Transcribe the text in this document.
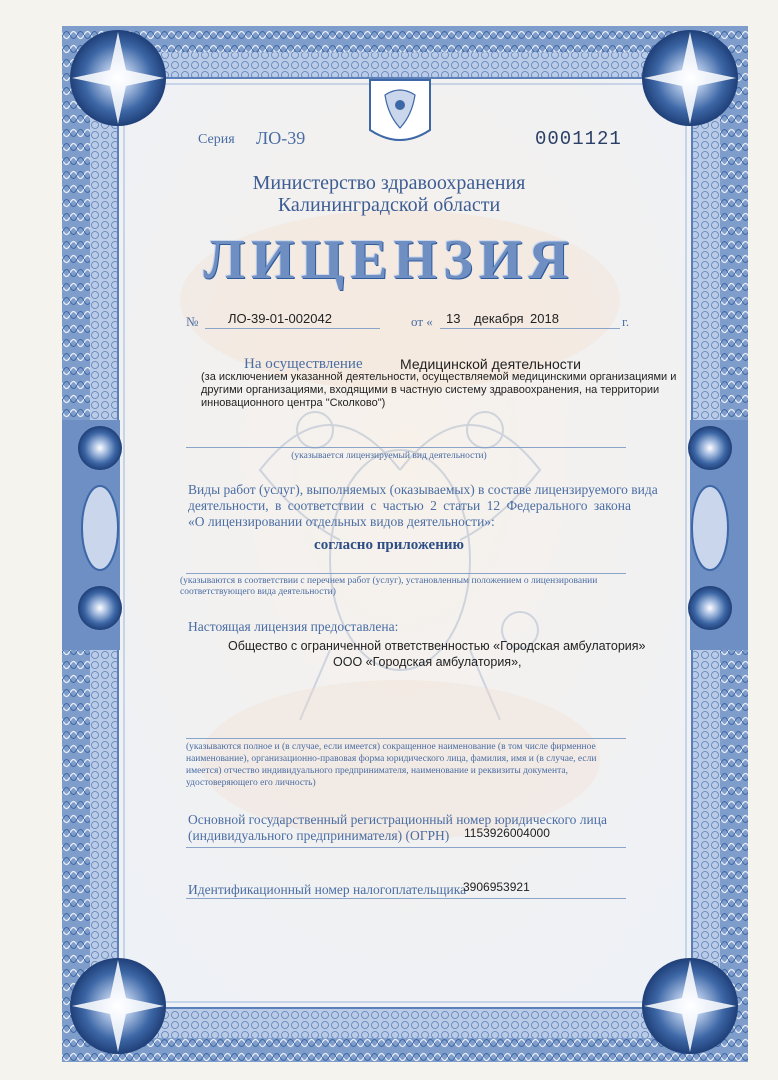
Серия ЛО-39	0001121
Министерство здравоохранения
Калининградской области
ЛИЦЕНЗИЯ
№ ЛО-39-01-002042	от « 13 декабря 2018	г.
На осуществление	Медицинской деятельности
(за исключением указанной деятельности, осуществляемой медицинскими организациями и
другими организациями, входящими в частную систему здравоохранения, на территории
инновационного центра "Сколково")
(указывается лицензируемый вид деятельности)
Виды работ (услуг), выполняемых (оказываемых) в составе лицензируемого вида
деятельности, в соответствии с частью 2 статьи 12 Федерального закона
«О лицензировании отдельных видов деятельности»:
согласно приложению
(указываются в соответствии с перечнем работ (услуг), установленным положением о лицензировании
соответствующего вида деятельности)
Настоящая лицензия предоставлена:
Общество с ограниченной ответственностью «Городская амбулатория»
ООО «Городская амбулатория»,
(указываются полное и (в случае, если имеется) сокращенное наименование (в том числе фирменное
наименование), организационно-правовая форма юридического лица, фамилия, имя и (в случае, если
имеется) отчество индивидуального предпринимателя, наименование и реквизиты документа,
удостоверяющего его личность)
Основной государственный регистрационный номер юридического лица
(индивидуального предпринимателя) (ОГРН) 1153926004000
Идентификационный номер налогоплательщика
3906953921
